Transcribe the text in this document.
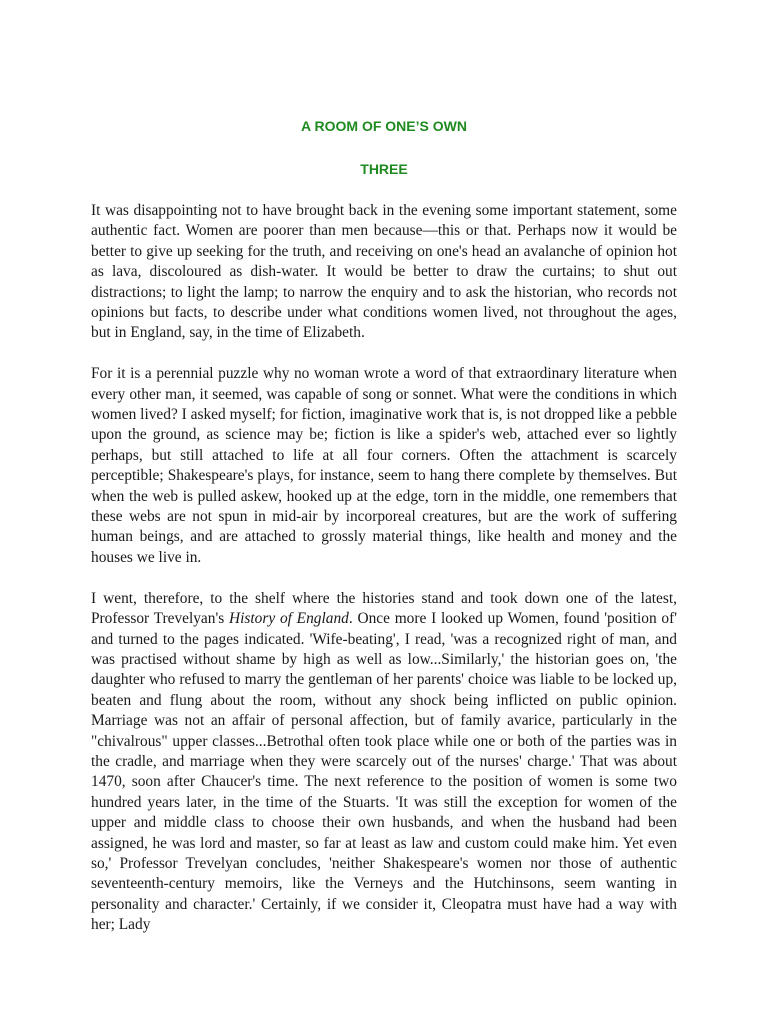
A ROOM OF ONE’S OWN
THREE

It was disappointing not to have brought back in the evening some important statement, some authentic fact. Women are poorer than men because—this or that. Perhaps now it would be better to give up seeking for the truth, and receiving on one's head an avalanche of opinion hot as lava, discoloured as dish-water. It would be better to draw the curtains; to shut out distractions; to light the lamp; to narrow the enquiry and to ask the historian, who records not opinions but facts, to describe under what conditions women lived, not throughout the ages, but in England, say, in the time of Elizabeth.

For it is a perennial puzzle why no woman wrote a word of that extraordinary literature when every other man, it seemed, was capable of song or sonnet. What were the conditions in which women lived? I asked myself; for fiction, imaginative work that is, is not dropped like a pebble upon the ground, as science may be; fiction is like a spider's web, attached ever so lightly perhaps, but still attached to life at all four corners. Often the attachment is scarcely perceptible; Shakespeare's plays, for instance, seem to hang there complete by themselves. But when the web is pulled askew, hooked up at the edge, torn in the middle, one remembers that these webs are not spun in mid-air by incorporeal creatures, but are the work of suffering human beings, and are attached to grossly material things, like health and money and the houses we live in.

I went, therefore, to the shelf where the histories stand and took down one of the latest, Professor Trevelyan's History of England. Once more I looked up Women, found 'position of' and turned to the pages indicated. 'Wife-beating', I read, 'was a recognized right of man, and was practised without shame by high as well as low...Similarly,' the historian goes on, 'the daughter who refused to marry the gentleman of her parents' choice was liable to be locked up, beaten and flung about the room, without any shock being inflicted on public opinion. Marriage was not an affair of personal affection, but of family avarice, particularly in the "chivalrous" upper classes...Betrothal often took place while one or both of the parties was in the cradle, and marriage when they were scarcely out of the nurses' charge.' That was about 1470, soon after Chaucer's time. The next reference to the position of women is some two hundred years later, in the time of the Stuarts. 'It was still the exception for women of the upper and middle class to choose their own husbands, and when the husband had been assigned, he was lord and master, so far at least as law and custom could make him. Yet even so,' Professor Trevelyan concludes, 'neither Shakespeare's women nor those of authentic seventeenth-century memoirs, like the Verneys and the Hutchinsons, seem wanting in personality and character.' Certainly, if we consider it, Cleopatra must have had a way with her; Lady
